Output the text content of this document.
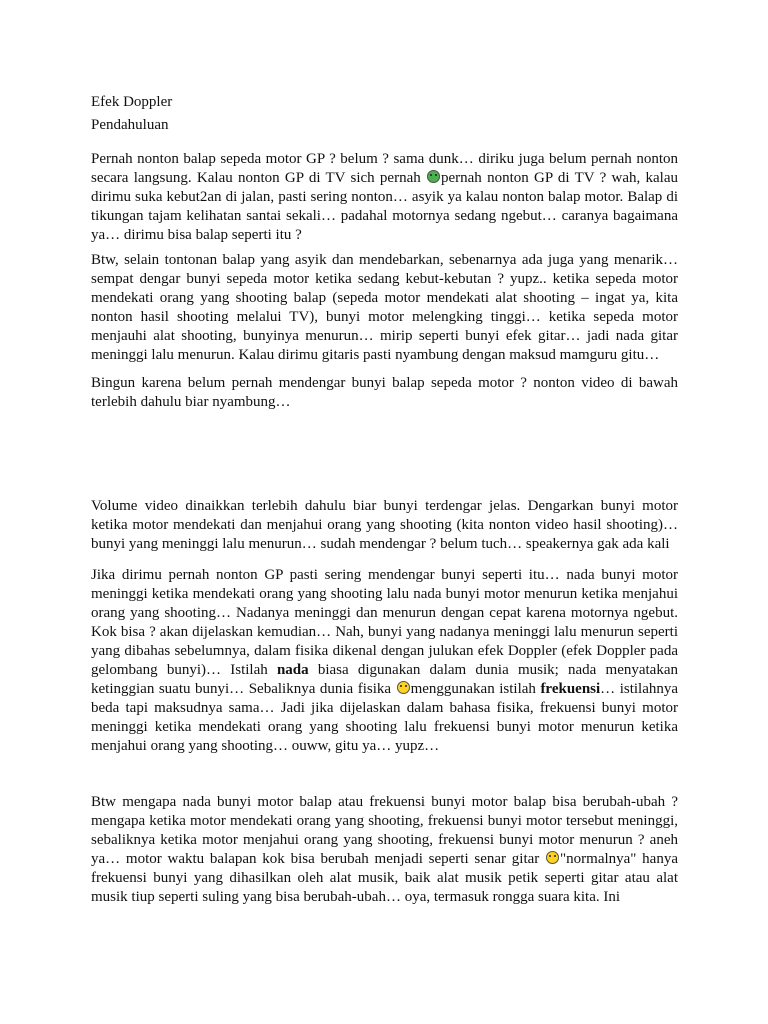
Efek Doppler

Pendahuluan

Pernah nonton balap sepeda motor GP ? belum ? sama dunk… diriku juga belum pernah nonton secara langsung. Kalau nonton GP di TV sich pernah pernah nonton GP di TV ? wah, kalau dirimu suka kebut2an di jalan, pasti sering nonton… asyik ya kalau nonton balap motor. Balap di tikungan tajam kelihatan santai sekali… padahal motornya sedang ngebut… caranya bagaimana ya… dirimu bisa balap seperti itu ?

Btw, selain tontonan balap yang asyik dan mendebarkan, sebenarnya ada juga yang menarik… sempat dengar bunyi sepeda motor ketika sedang kebut-kebutan ? yupz.. ketika sepeda motor mendekati orang yang shooting balap (sepeda motor mendekati alat shooting – ingat ya, kita nonton hasil shooting melalui TV), bunyi motor melengking tinggi… ketika sepeda motor menjauhi alat shooting, bunyinya menurun… mirip seperti bunyi efek gitar… jadi nada gitar meninggi lalu menurun. Kalau dirimu gitaris pasti nyambung dengan maksud mamguru gitu…

Bingun karena belum pernah mendengar bunyi balap sepeda motor ? nonton video di bawah terlebih dahulu biar nyambung…

Volume video dinaikkan terlebih dahulu biar bunyi terdengar jelas. Dengarkan bunyi motor ketika motor mendekati dan menjahui orang yang shooting (kita nonton video hasil shooting)… bunyi yang meninggi lalu menurun… sudah mendengar ? belum tuch… speakernya gak ada kali

Jika dirimu pernah nonton GP pasti sering mendengar bunyi seperti itu… nada bunyi motor meninggi ketika mendekati orang yang shooting lalu nada bunyi motor menurun ketika menjahui orang yang shooting… Nadanya meninggi dan menurun dengan cepat karena motornya ngebut. Kok bisa ? akan dijelaskan kemudian… Nah, bunyi yang nadanya meninggi lalu menurun seperti yang dibahas sebelumnya, dalam fisika dikenal dengan julukan efek Doppler (efek Doppler pada gelombang bunyi)… Istilah nada biasa digunakan dalam dunia musik; nada menyatakan ketinggian suatu bunyi… Sebaliknya dunia fisika menggunakan istilah frekuensi… istilahnya beda tapi maksudnya sama… Jadi jika dijelaskan dalam bahasa fisika, frekuensi bunyi motor meninggi ketika mendekati orang yang shooting lalu frekuensi bunyi motor menurun ketika menjahui orang yang shooting… ouww, gitu ya… yupz…

Btw mengapa nada bunyi motor balap atau frekuensi bunyi motor balap bisa berubah-ubah ? mengapa ketika motor mendekati orang yang shooting, frekuensi bunyi motor tersebut meninggi, sebaliknya ketika motor menjahui orang yang shooting, frekuensi bunyi motor menurun ? aneh ya… motor waktu balapan kok bisa berubah menjadi seperti senar gitar "normalnya" hanya frekuensi bunyi yang dihasilkan oleh alat musik, baik alat musik petik seperti gitar atau alat musik tiup seperti suling yang bisa berubah-ubah… oya, termasuk rongga suara kita. Ini
